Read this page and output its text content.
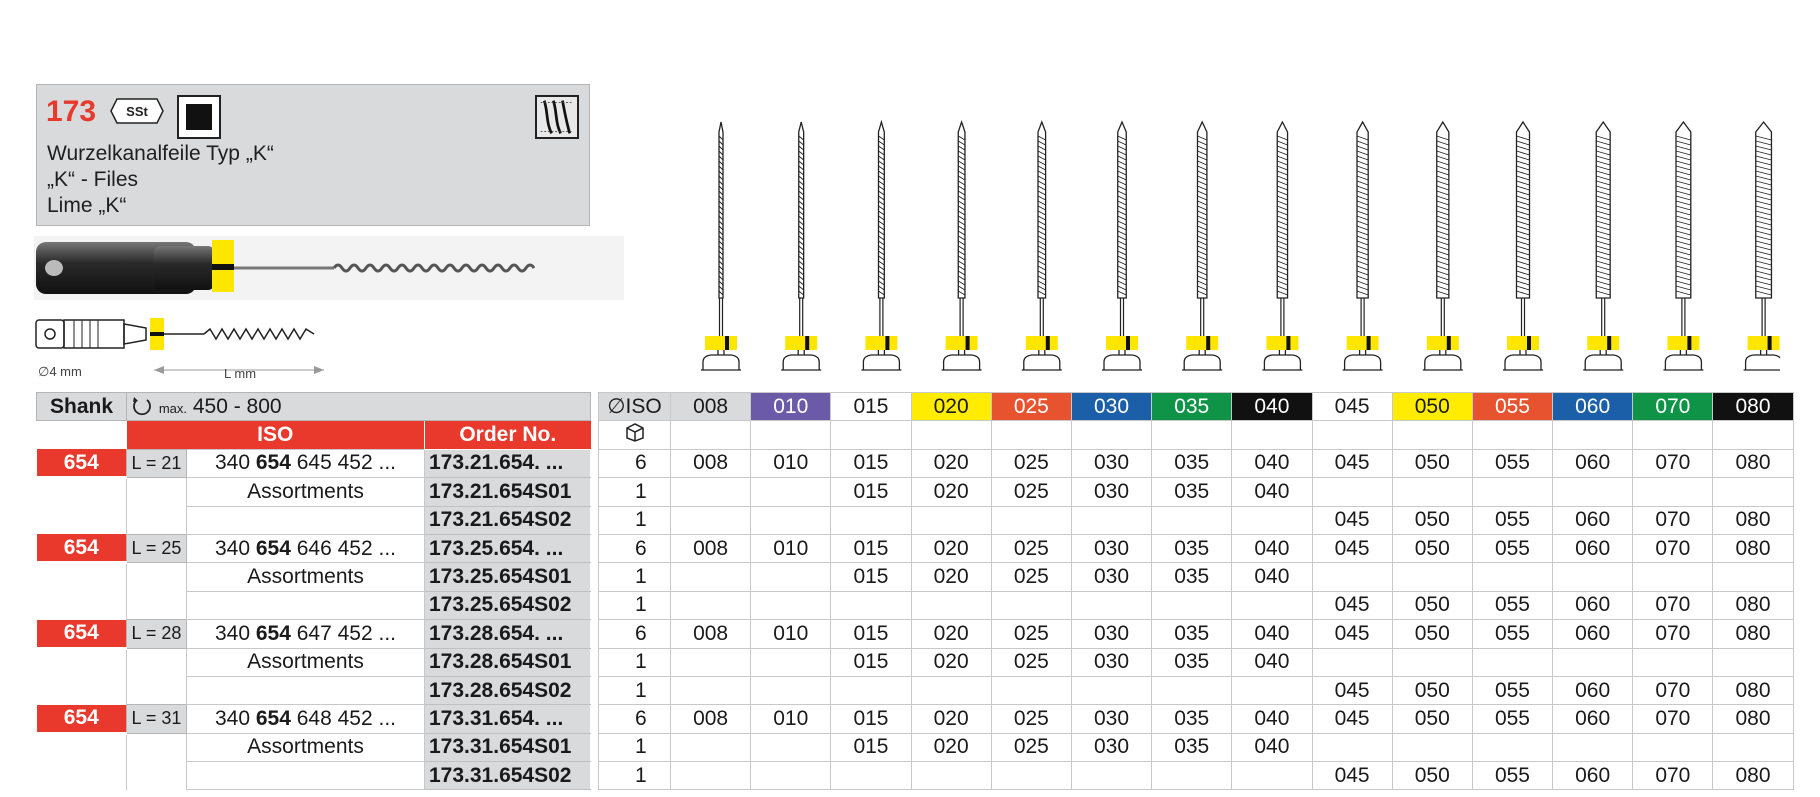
173 SSt
Wurzelkanalfeile Typ „K“
„K“ - Files
Lime „K“
∅4 mm	L mm
Shank	max. 450 - 800		
	ISO		Order No.
654	L = 21	340 654 645 452 ...	173.21.654. ...
		Assortments	173.21.654S01
			173.21.654S02
654	L = 25	340 654 646 452 ...	173.25.654. ...
		Assortments	173.25.654S01
			173.25.654S02
654	L = 28	340 654 647 452 ...	173.28.654. ...
		Assortments	173.28.654S01
			173.28.654S02
654	L = 31	340 654 648 452 ...	173.31.654. ...
		Assortments	173.31.654S01
			173.31.654S02
∅ISO	008	010	015	020	025	030	035	040	045	050	055	060	070	080

6	008	010	015	020	025	030	035	040	045	050	055	060	070	080
1			015	020	025	030	035	040						
1									045	050	055	060	070	080
6	008	010	015	020	025	030	035	040	045	050	055	060	070	080
1			015	020	025	030	035	040						
1									045	050	055	060	070	080
6	008	010	015	020	025	030	035	040	045	050	055	060	070	080
1			015	020	025	030	035	040						
1									045	050	055	060	070	080
6	008	010	015	020	025	030	035	040	045	050	055	060	070	080
1			015	020	025	030	035	040						
1									045	050	055	060	070	080
